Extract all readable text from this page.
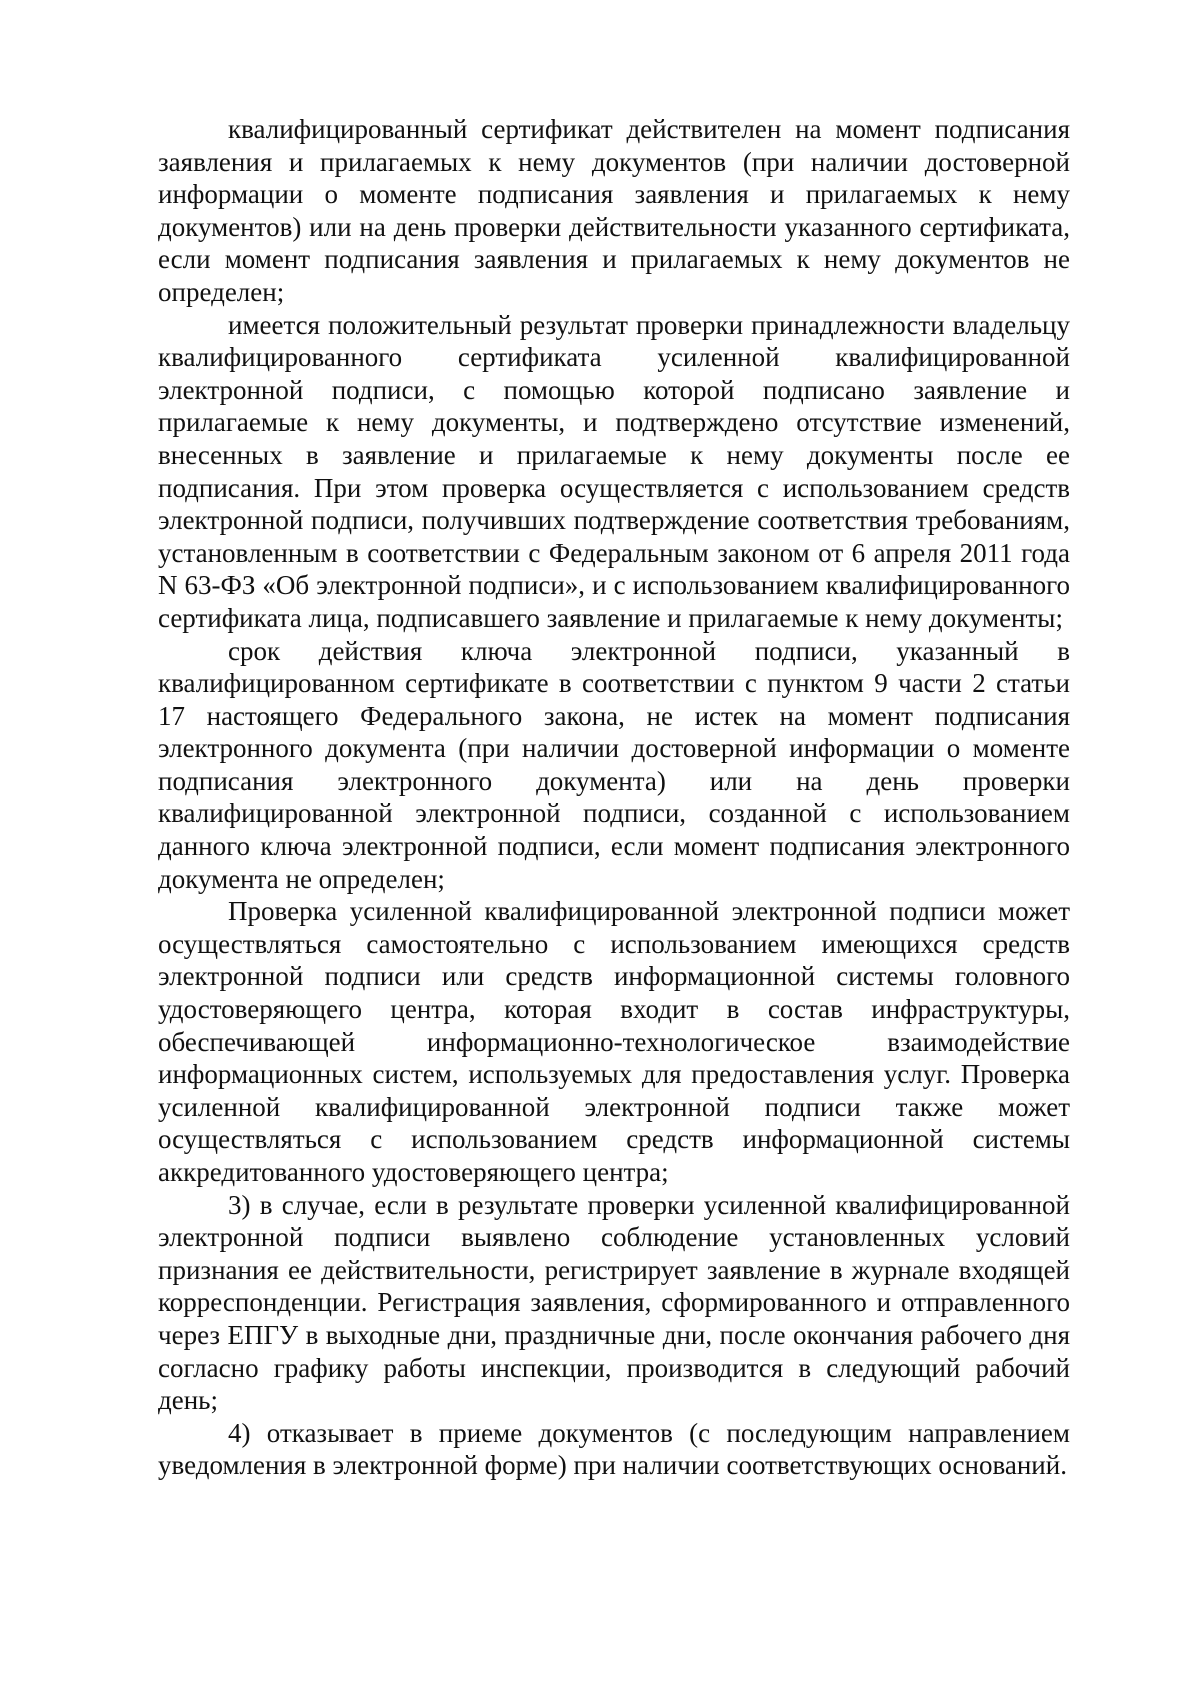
квалифицированный сертификат действителен на момент подписания заявления и прилагаемых к нему документов (при наличии достоверной информации о моменте подписания заявления и прилагаемых к нему документов) или на день проверки действительности указанного сертификата, если момент подписания заявления и прилагаемых к нему документов не определен;

имеется положительный результат проверки принадлежности владельцу квалифицированного сертификата усиленной квалифицированной электронной подписи, с помощью которой подписано заявление и прилагаемые к нему документы, и подтверждено отсутствие изменений, внесенных в заявление и прилагаемые к нему документы после ее подписания. При этом проверка осуществляется с использованием средств электронной подписи, получивших подтверждение соответствия требованиям, установленным в соответствии с Федеральным законом от 6 апреля 2011 года N 63-ФЗ «Об электронной подписи», и с использованием квалифицированного сертификата лица, подписавшего заявление и прилагаемые к нему документы;

срок действия ключа электронной подписи, указанный в квалифицированном сертификате в соответствии с пунктом 9 части 2 статьи 17 настоящего Федерального закона, не истек на момент подписания электронного документа (при наличии достоверной информации о моменте подписания электронного документа) или на день проверки квалифицированной электронной подписи, созданной с использованием данного ключа электронной подписи, если момент подписания электронного документа не определен;

Проверка усиленной квалифицированной электронной подписи может осуществляться самостоятельно с использованием имеющихся средств электронной подписи или средств информационной системы головного удостоверяющего центра, которая входит в состав инфраструктуры, обеспечивающей информационно-технологическое взаимодействие информационных систем, используемых для предоставления услуг. Проверка усиленной квалифицированной электронной подписи также может осуществляться с использованием средств информационной системы аккредитованного удостоверяющего центра;

3) в случае, если в результате проверки усиленной квалифицированной электронной подписи выявлено соблюдение установленных условий признания ее действительности, регистрирует заявление в журнале входящей корреспонденции. Регистрация заявления, сформированного и отправленного через ЕПГУ в выходные дни, праздничные дни, после окончания рабочего дня согласно графику работы инспекции, производится в следующий рабочий день;

4) отказывает в приеме документов (с последующим направлением уведомления в электронной форме) при наличии соответствующих оснований.
